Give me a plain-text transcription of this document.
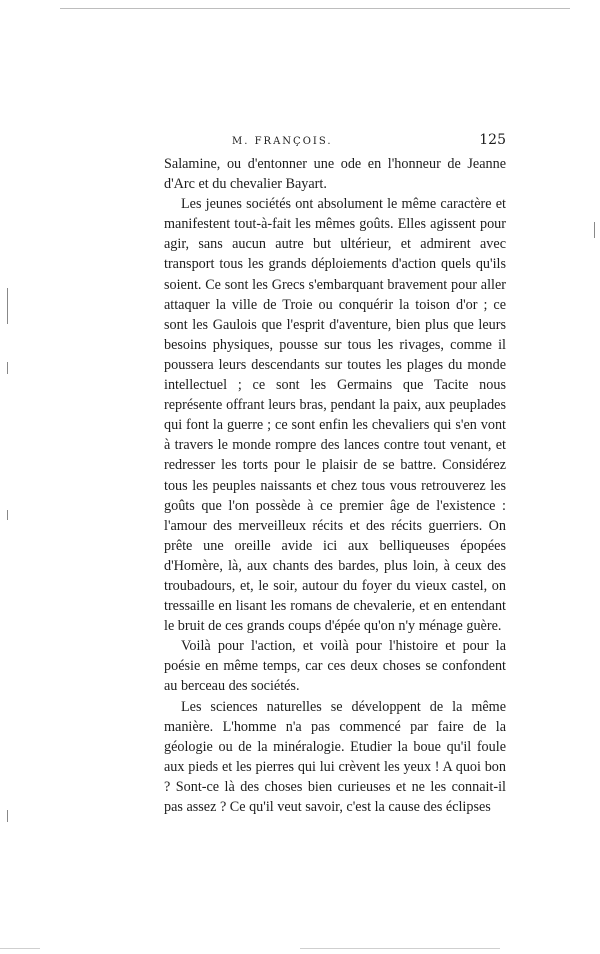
M. FRANÇOIS.	125

Salamine, ou d'entonner une ode en l'honneur de Jeanne d'Arc et du chevalier Bayart.

Les jeunes sociétés ont absolument le même caractère et manifestent tout-à-fait les mêmes goûts. Elles agissent pour agir, sans aucun autre but ultérieur, et admirent avec transport tous les grands déploiements d'action quels qu'ils soient. Ce sont les Grecs s'embarquant bravement pour aller attaquer la ville de Troie ou conquérir la toison d'or ; ce sont les Gaulois que l'esprit d'aventure, bien plus que leurs besoins physiques, pousse sur tous les rivages, comme il poussera leurs descendants sur toutes les plages du monde intellectuel ; ce sont les Germains que Tacite nous représente offrant leurs bras, pendant la paix, aux peuplades qui font la guerre ; ce sont enfin les chevaliers qui s'en vont à travers le monde rompre des lances contre tout venant, et redresser les torts pour le plaisir de se battre. Considérez tous les peuples naissants et chez tous vous retrouverez les goûts que l'on possède à ce premier âge de l'existence : l'amour des merveilleux récits et des récits guerriers. On prête une oreille avide ici aux belliqueuses épopées d'Homère, là, aux chants des bardes, plus loin, à ceux des troubadours, et, le soir, autour du foyer du vieux castel, on tressaille en lisant les romans de chevalerie, et en entendant le bruit de ces grands coups d'épée qu'on n'y ménage guère.

Voilà pour l'action, et voilà pour l'histoire et pour la poésie en même temps, car ces deux choses se confondent au berceau des sociétés.

Les sciences naturelles se développent de la même manière. L'homme n'a pas commencé par faire de la géologie ou de la minéralogie. Etudier la boue qu'il foule aux pieds et les pierres qui lui crèvent les yeux ! A quoi bon ? Sont-ce là des choses bien curieuses et ne les connait-il pas assez ? Ce qu'il veut savoir, c'est la cause des éclipses
